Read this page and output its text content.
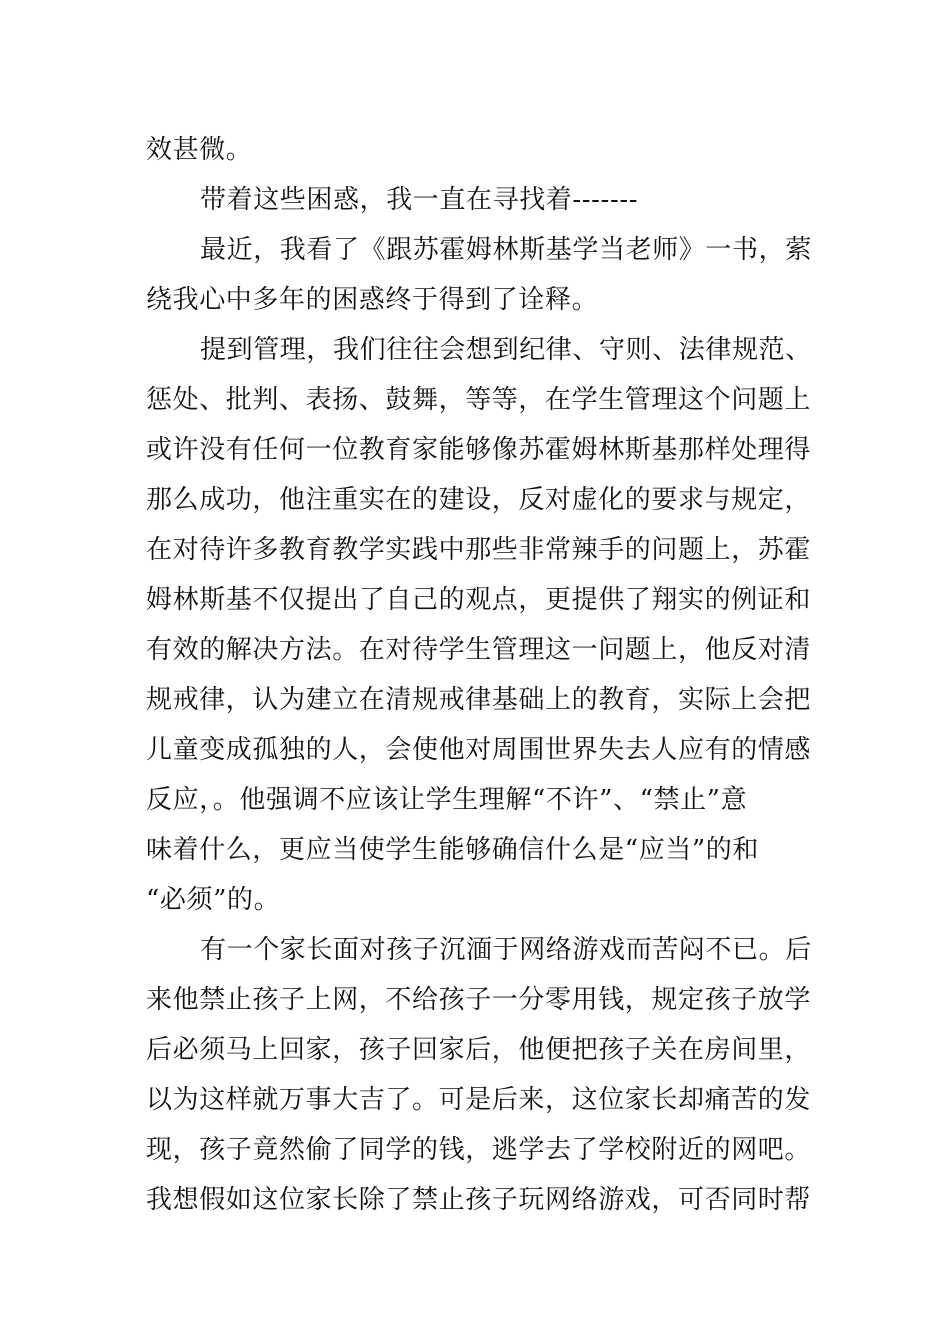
效甚微。
带着这些困惑，我一直在寻找着-------
最近，我看了《跟苏霍姆林斯基学当老师》一书，萦
绕我心中多年的困惑终于得到了诠释。
提到管理，我们往往会想到纪律、守则、法律规范、
惩处、批判、表扬、鼓舞，等等，在学生管理这个问题上
或许没有任何一位教育家能够像苏霍姆林斯基那样处理得
那么成功，他注重实在的建设，反对虚化的要求与规定，
在对待许多教育教学实践中那些非常辣手的问题上，苏霍
姆林斯基不仅提出了自己的观点，更提供了翔实的例证和
有效的解决方法。在对待学生管理这一问题上，他反对清
规戒律，认为建立在清规戒律基础上的教育，实际上会把
儿童变成孤独的人，会使他对周围世界失去人应有的情感
反应，。他强调不应该让学生理解“不许”、“禁止”意
味着什么，更应当使学生能够确信什么是“应当”的和
“必须”的。
有一个家长面对孩子沉湎于网络游戏而苦闷不已。后
来他禁止孩子上网，不给孩子一分零用钱，规定孩子放学
后必须马上回家，孩子回家后，他便把孩子关在房间里，
以为这样就万事大吉了。可是后来，这位家长却痛苦的发
现，孩子竟然偷了同学的钱，逃学去了学校附近的网吧。
我想假如这位家长除了禁止孩子玩网络游戏，可否同时帮
